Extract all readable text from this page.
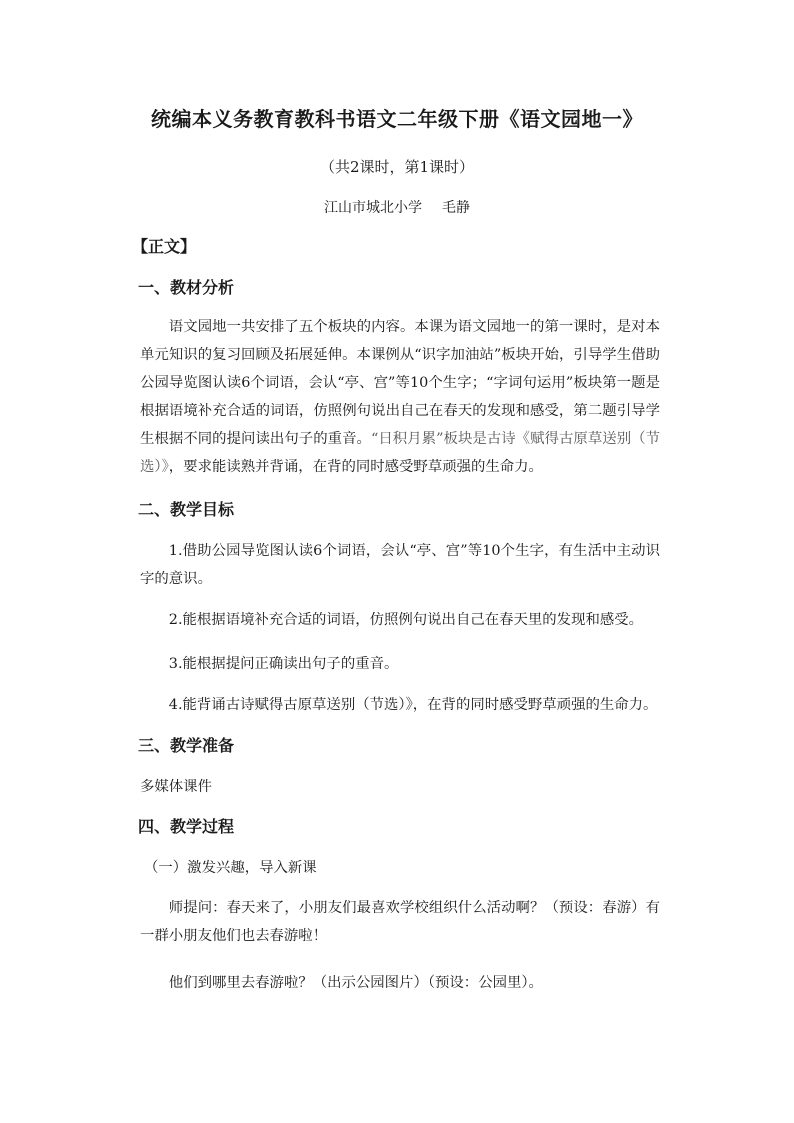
统编本义务教育教科书语文二年级下册《语文园地一》
（共2课时，第1课时）
江山市城北小学 毛静
【正文】
一、教材分析
语文园地一共安排了五个板块的内容。本课为语文园地一的第一课时，是对本单元知识的复习回顾及拓展延伸。本课例从“识字加油站”板块开始，引导学生借助公园导览图认读6个词语，会认“亭、宫”等10个生字；“字词句运用”板块第一题是根据语境补充合适的词语，仿照例句说出自己在春天的发现和感受，第二题引导学生根据不同的提问读出句子的重音。“日积月累”板块是古诗《赋得古原草送别（节选）》，要求能读熟并背诵，在背的同时感受野草顽强的生命力。
二、教学目标
1.借助公园导览图认读6个词语，会认“亭、宫”等10个生字，有生活中主动识字的意识。
2.能根据语境补充合适的词语，仿照例句说出自己在春天里的发现和感受。
3.能根据提问正确读出句子的重音。
4.能背诵古诗赋得古原草送别（节选）》，在背的同时感受野草顽强的生命力。
三、教学准备
多媒体课件
四、教学过程
（一）激发兴趣，导入新课
师提问：春天来了，小朋友们最喜欢学校组织什么活动啊？（预设：春游）有一群小朋友他们也去春游啦！
他们到哪里去春游啦？（出示公园图片）（预设：公园里）。
